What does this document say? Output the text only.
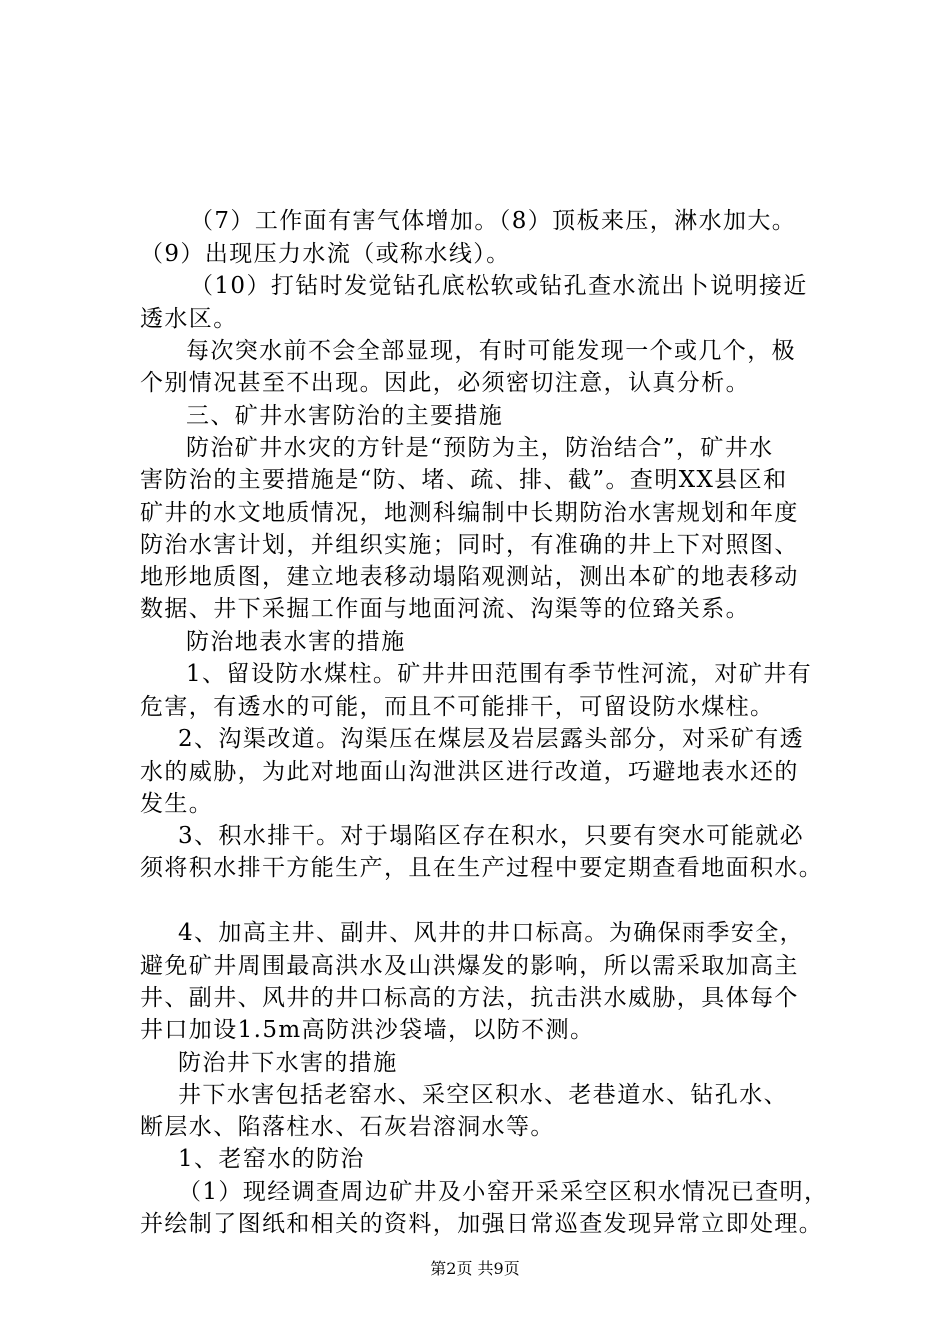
（7）工作面有害气体增加。（8）顶板来压，淋水加大。
（9）出现压力水流（或称水线）。
（10）打钻时发觉钻孔底松软或钻孔查水流出卜说明接近
透水区。
每次突水前不会全部显现，有时可能发现一个或几个，极
个别情况甚至不出现。因此，必须密切注意，认真分析。
三、矿井水害防治的主要措施
防治矿井水灾的方针是“预防为主，防治结合”，矿井水
害防治的主要措施是“防、堵、疏、排、截”。查明XX县区和
矿井的水文地质情况，地测科编制中长期防治水害规划和年度
防治水害计划，并组织实施；同时，有准确的井上下对照图、
地形地质图，建立地表移动塌陷观测站，测出本矿的地表移动
数据、井下采掘工作面与地面河流、沟渠等的位臵关系。
防治地表水害的措施
1、留设防水煤柱。矿井井田范围有季节性河流，对矿井有
危害，有透水的可能，而且不可能排干，可留设防水煤柱。
2、沟渠改道。沟渠压在煤层及岩层露头部分，对采矿有透
水的威胁，为此对地面山沟泄洪区进行改道，巧避地表水还的
发生。
3、积水排干。对于塌陷区存在积水，只要有突水可能就必
须将积水排干方能生产，且在生产过程中要定期查看地面积水。
4、加高主井、副井、风井的井口标高。为确保雨季安全，
避免矿井周围最高洪水及山洪爆发的影响，所以需采取加高主
井、副井、风井的井口标高的方法，抗击洪水威胁，具体每个
井口加设1.5m高防洪沙袋墙，以防不测。
防治井下水害的措施
井下水害包括老窑水、采空区积水、老巷道水、钻孔水、
断层水、陷落柱水、石灰岩溶洞水等。
1、老窑水的防治
（1）现经调查周边矿井及小窑开采采空区积水情况已查明，
并绘制了图纸和相关的资料，加强日常巡查发现异常立即处理。
第2页 共9页
